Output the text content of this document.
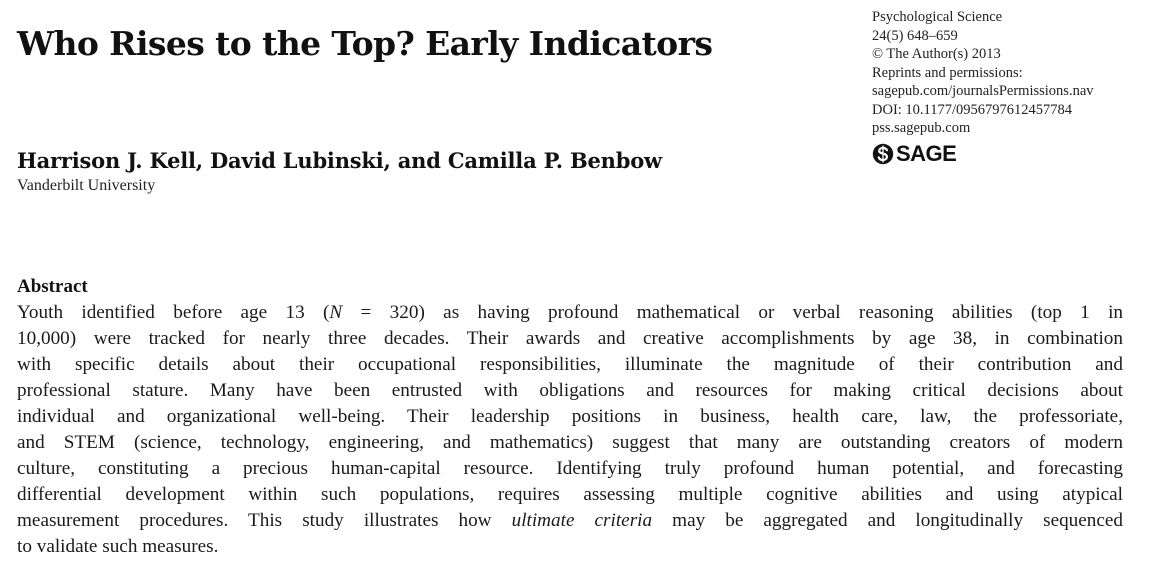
Who Rises to the Top? Early Indicators
Harrison J. Kell, David Lubinski, and Camilla P. Benbow
Vanderbilt University
Psychological Science
24(5) 648–659
© The Author(s) 2013
Reprints and permissions:
sagepub.com/journalsPermissions.nav
DOI: 10.1177/0956797612457784
pss.sagepub.com
SAGE
Abstract
Youth identified before age 13 (N = 320) as having profound mathematical or verbal reasoning abilities (top 1 in
10,000) were tracked for nearly three decades. Their awards and creative accomplishments by age 38, in combination
with specific details about their occupational responsibilities, illuminate the magnitude of their contribution and
professional stature. Many have been entrusted with obligations and resources for making critical decisions about
individual and organizational well-being. Their leadership positions in business, health care, law, the professoriate,
and STEM (science, technology, engineering, and mathematics) suggest that many are outstanding creators of modern
culture, constituting a precious human-capital resource. Identifying truly profound human potential, and forecasting
differential development within such populations, requires assessing multiple cognitive abilities and using atypical
measurement procedures. This study illustrates how ultimate criteria may be aggregated and longitudinally sequenced
to validate such measures.
